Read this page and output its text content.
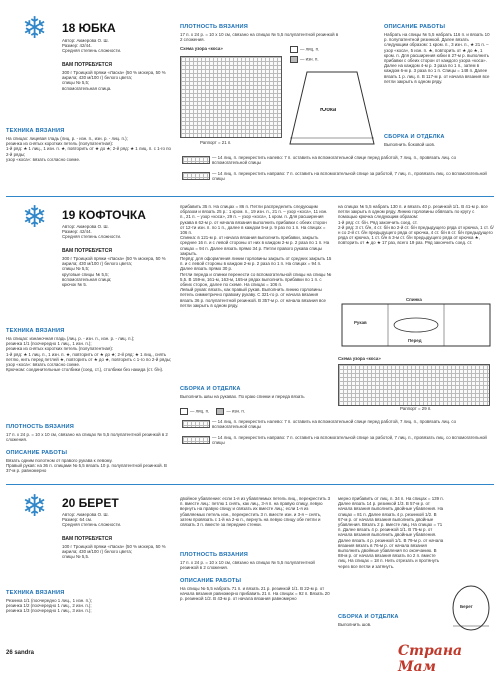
❄ 18 ЮБКА
Автор: Акмерова О. Ш.
Размер: 42/44.
Средняя степень сложности.
ВАМ ПОТРЕБУЕТСЯ
300 г Троицкой пряжи «Ласка» (50 % мохера, 50 % акрила; 430 м/100 г) белого цвета;
спицы № 5,5;
вспомогательная спица.
ТЕХНИКА ВЯЗАНИЯ
На спицах: лицевая гладь (лиц. р. - изн. п., изн. р. - лиц. п.);
резинка из снятых коротких петель (полупатентная):
1-й ряд: ★ 1 лиц., 1 изн. п. ★, повторить от ★ до ★; 2-й ряд: ★ 1 лиц. п. с 1-го по 2-й ряды;
узор «коса»: вязать согласно схеме.
ПЛОТНОСТЬ ВЯЗАНИЯ
17 п. х 24 р. = 10 х 10 см, связано на спицах № 5,5 полупатентной резинкой в 2 сложения.
Схема узора «коса»	— лиц. п.
— изн. п.
Раппорт = 21 п.
Юбка
ОПИСАНИЕ РАБОТЫ
Набрать на спицы № 5,5 набрать 116 п. и вязать 10 р. полупатентной резинкой. Далее вязать следующим образом: 1 кром. п., 3 изн. п., ★ 21 п. – узор «коса», 5 изн. п. ★, повторить от ★ до ★, 1 кром. п. Для расширения юбки в 27-м р. выполнить прибавки с обеих сторон от каждого узора «коса». Далее на каждом 4-м р. 3 раза по 1 п., затем в каждом 6-м р. 3 раза по 1 п. Спицы = 148 п. Далее вязать 1 р. лиц. п. В 117-м р. от начала вязания все петли закрыть в одном ряду.
СБОРКА И ОТДЕЛКА
Выполнить боковой шов.
— 14 лиц. п. перекрестить налево: 7 п. оставить на вспомогательной спице перед работой, 7 лиц. п., провязать лиц. со вспомогательной спицы
— 14 лиц. п. перекрестить направо: 7 п. оставить на вспомогательной спице за работой, 7 лиц. п., провязать лиц. со вспомогательной спицы
❄ 19 КОФТОЧКА
Автор: Акмерова О. Ш.
Размер: 42/44.
Средняя степень сложности.
ВАМ ПОТРЕБУЕТСЯ
300 г Троицкой пряжи «Ласка» (50 % мохера, 50 % акрила; 430 м/100 г) белого цвета;
спицы № 5,5;
круговые спицы № 5,5;
вспомогательная спица;
крючок № 5.
ТЕХНИКА ВЯЗАНИЯ
На спицах: изнаночная гладь (лиц. р. - изн. п., изн. р. - лиц. п.);
резинка 1/1 (поочередно 1 лиц., 1 изн. п.);
резинка из снятых коротких петель (полупатентная):
1-й ряд: ★ 1 лиц. п., 1 изн. п. ★, повторить от ★ до ★; 2-й ряд: ★ 1 лиц., снять петлю, нить перед петлей ★, повторить от ★ до ★, повторить с 1-го по 2-й ряды;
узор «коса»: вязать согласно схеме.
Крючком: соединительные столбики (соед. ст.), столбики без накида (ст. б/н).
ПЛОТНОСТЬ ВЯЗАНИЯ
17 п. х 24 р. = 10 х 10 см, связано на спицах № 5,5 полупатентной резинкой в 2 сложения.
ОПИСАНИЕ РАБОТЫ
Вязать одним полотном от правого рукава к левому.
Правый рукав: на 36 п. спицами № 5,5 вязать 10 р. полупатентной резинкой. В 37-м р. равномерно
прибавить 35 п. На спицах = 86 п. Петли распределить следующим образом и вязать 25 р.: 1 кром. п., 19 изн. п., 21 п. – узор «коса», 11 изн. п., 21 п. – узор «коса», 29 п. – узор «коса», 1 кром. п. Для расширения рукава в 62-м р. от начала вязания выполнить прибавки с обеих сторон от 12-ти изн. п. по 1 п., далее в каждом 5-м р. 9 раз по 1 п. На спицах = 106 п.
Спинка: в 121-м р. от начала вязания выполнить прибавки, закрыть среднее 16 п. и с левой стороны от них в каждом 2-м р. 2 раза по 1 п. На спицах = 94 п. Далее вязать прямо 34 р. Петли правого рукава спицы закрыть.
Перёд: для оформления линии горловины закрыть от средних закрыть 15 п. и с левой стороны в каждом 2-м р. 2 раза по 1 п. На спицах = 94 п. Далее вязать прямо 30 р.
Петли переда и спинки перенести со вспомогательной спицы на спицы № 5,5. В 159-м, 161-м, 163-м, 165-м рядах выполнить прибавки по 1 п. с обеих сторон, далее по схеме. На спицах = 106 п.
Левый рукав: вязать, как правый рукав. Выполнить линию горловины петель симметрично правому рукаву. С 321-го р. от начала вязания вязать 36 р. полупатентной резинкой. В 357-м р. от начала вязания все петли закрыть в одном ряду.
СБОРКА И ОТДЕЛКА
Выполнить швы на рукавах. По краю спинки и переда вязать
— лиц. п.	— изн. п.
на спицах № 5,5 набрать 130 п. и вязать 40 р. резинкой 1/1. В 41-м р. все петли закрыть в одном ряду. Линию горловины обвязать по кругу с помощью крючка следующим образом:
1-й ряд: ст. б/н. Ряд закончить соед. ст.
2-й ряд: 3 ст. б/н, 4 ст. б/н во 2-й ст. б/н предыдущего ряда от крючка, 1 ст. б/н со 2-й ст. б/н предыдущего ряда от крючка, 4 ст. б/н в ст. б/н предыдущего ряда от крючка, 1 ст. б/н в 3-м ст. б/н предыдущего ряда от крючка ★, повторить от ★ до ★ 17 раз, всего 19 раз. Ряд закончить соед. ст.
Спинка
Рукав
Перед
Схема узора «коса»
Раппорт = 29 п.
— 14 лиц. п. перекрестить налево: 7 п. оставить на вспомогательной спице перед работой, 7 лиц. п., провязать лиц. со вспомогательной спицы
— 14 лиц. п. перекрестить направо: 7 п. оставить на вспомогательной спице за работой, 7 лиц. п., провязать лиц. со вспомогательной спицы
❄ 20 БЕРЕТ
Автор: Акмерова О. Ш.
Размер: 64 см.
Средняя степень сложности.
ВАМ ПОТРЕБУЕТСЯ
100 г Троицкой пряжи «Ласка» (50 % мохера, 50 % акрила; 430 м/100 г) белого цвета;
спицы № 5,5.
ТЕХНИКА ВЯЗАНИЯ
Резинка 1/1 (поочередно 1 лиц., 1 изн. п.);
резинка 1/2 (поочередно 1 лиц., 2 изн. п.);
резинка 1/3 (поочередно 1 лиц., 3 изн. п.);
двойное убавление: если 1-я из убавляемых петель лиц., перекрестить 3 п. вместе лиц.: петлю 1 снять, как лиц., 3-я п. на правую спицу, левую вернуть на правую спицу и связать их вместе лиц.; если 1-я из убавляемых петель изн., перекрестить 3 п. вместе изн. и 3-я – снять, затем провязать с 1-й на 2-ю п., вернуть на левую спицу обе петли и связать 3 п. вместе за передние стенки.
ПЛОТНОСТЬ ВЯЗАНИЯ
17 п. х 24 р. = 10 х 10 см, связано на спицах № 5,5 полупатентной резинкой в 2 сложения.
ОПИСАНИЕ РАБОТЫ
На спицы № 5,5 набрать 71 п. и вязать 21 р. резинкой 1/1. В 22-м р. от начала вязания равномерно прибавить 21 п. На спицах = 92 п. Вязать 20 р. резинкой 1/2. В 43-м р. от начала вязания равномерно
мерно прибавить от лиц. п. 34 п. На спицах = 139 п. Далее вязать 14 р. резинкой 1/3. В 57-м р. от начала вязания выполнить двойные убавления. На спицах = 81 п. Далее вязать 4 р. резинкой 1/2. В 67-м р. от начала вязания выполнить двойные убавления. Вязать 2 р. вместе лиц. На спицах = 71 п. Далее вязать 4 р. резинкой 1/1. В 75-м р. от начала вязания выполнить двойные убавления. Далее вязать 4 р. резинкой 1/1. В 79-м р. от начала вязания вязать в 76-м р. от начала вязания выполнить двойные убавления по окончанию. В 88-м р. от начала вязания вязать по 2 п. вместе лиц. На спицах = 18 п. Нить отрезать и протянуть через все петли и затянуть.
СБОРКА И ОТДЕЛКА
Выполнить шов.
Берет
26 sandra	Страна Мам
